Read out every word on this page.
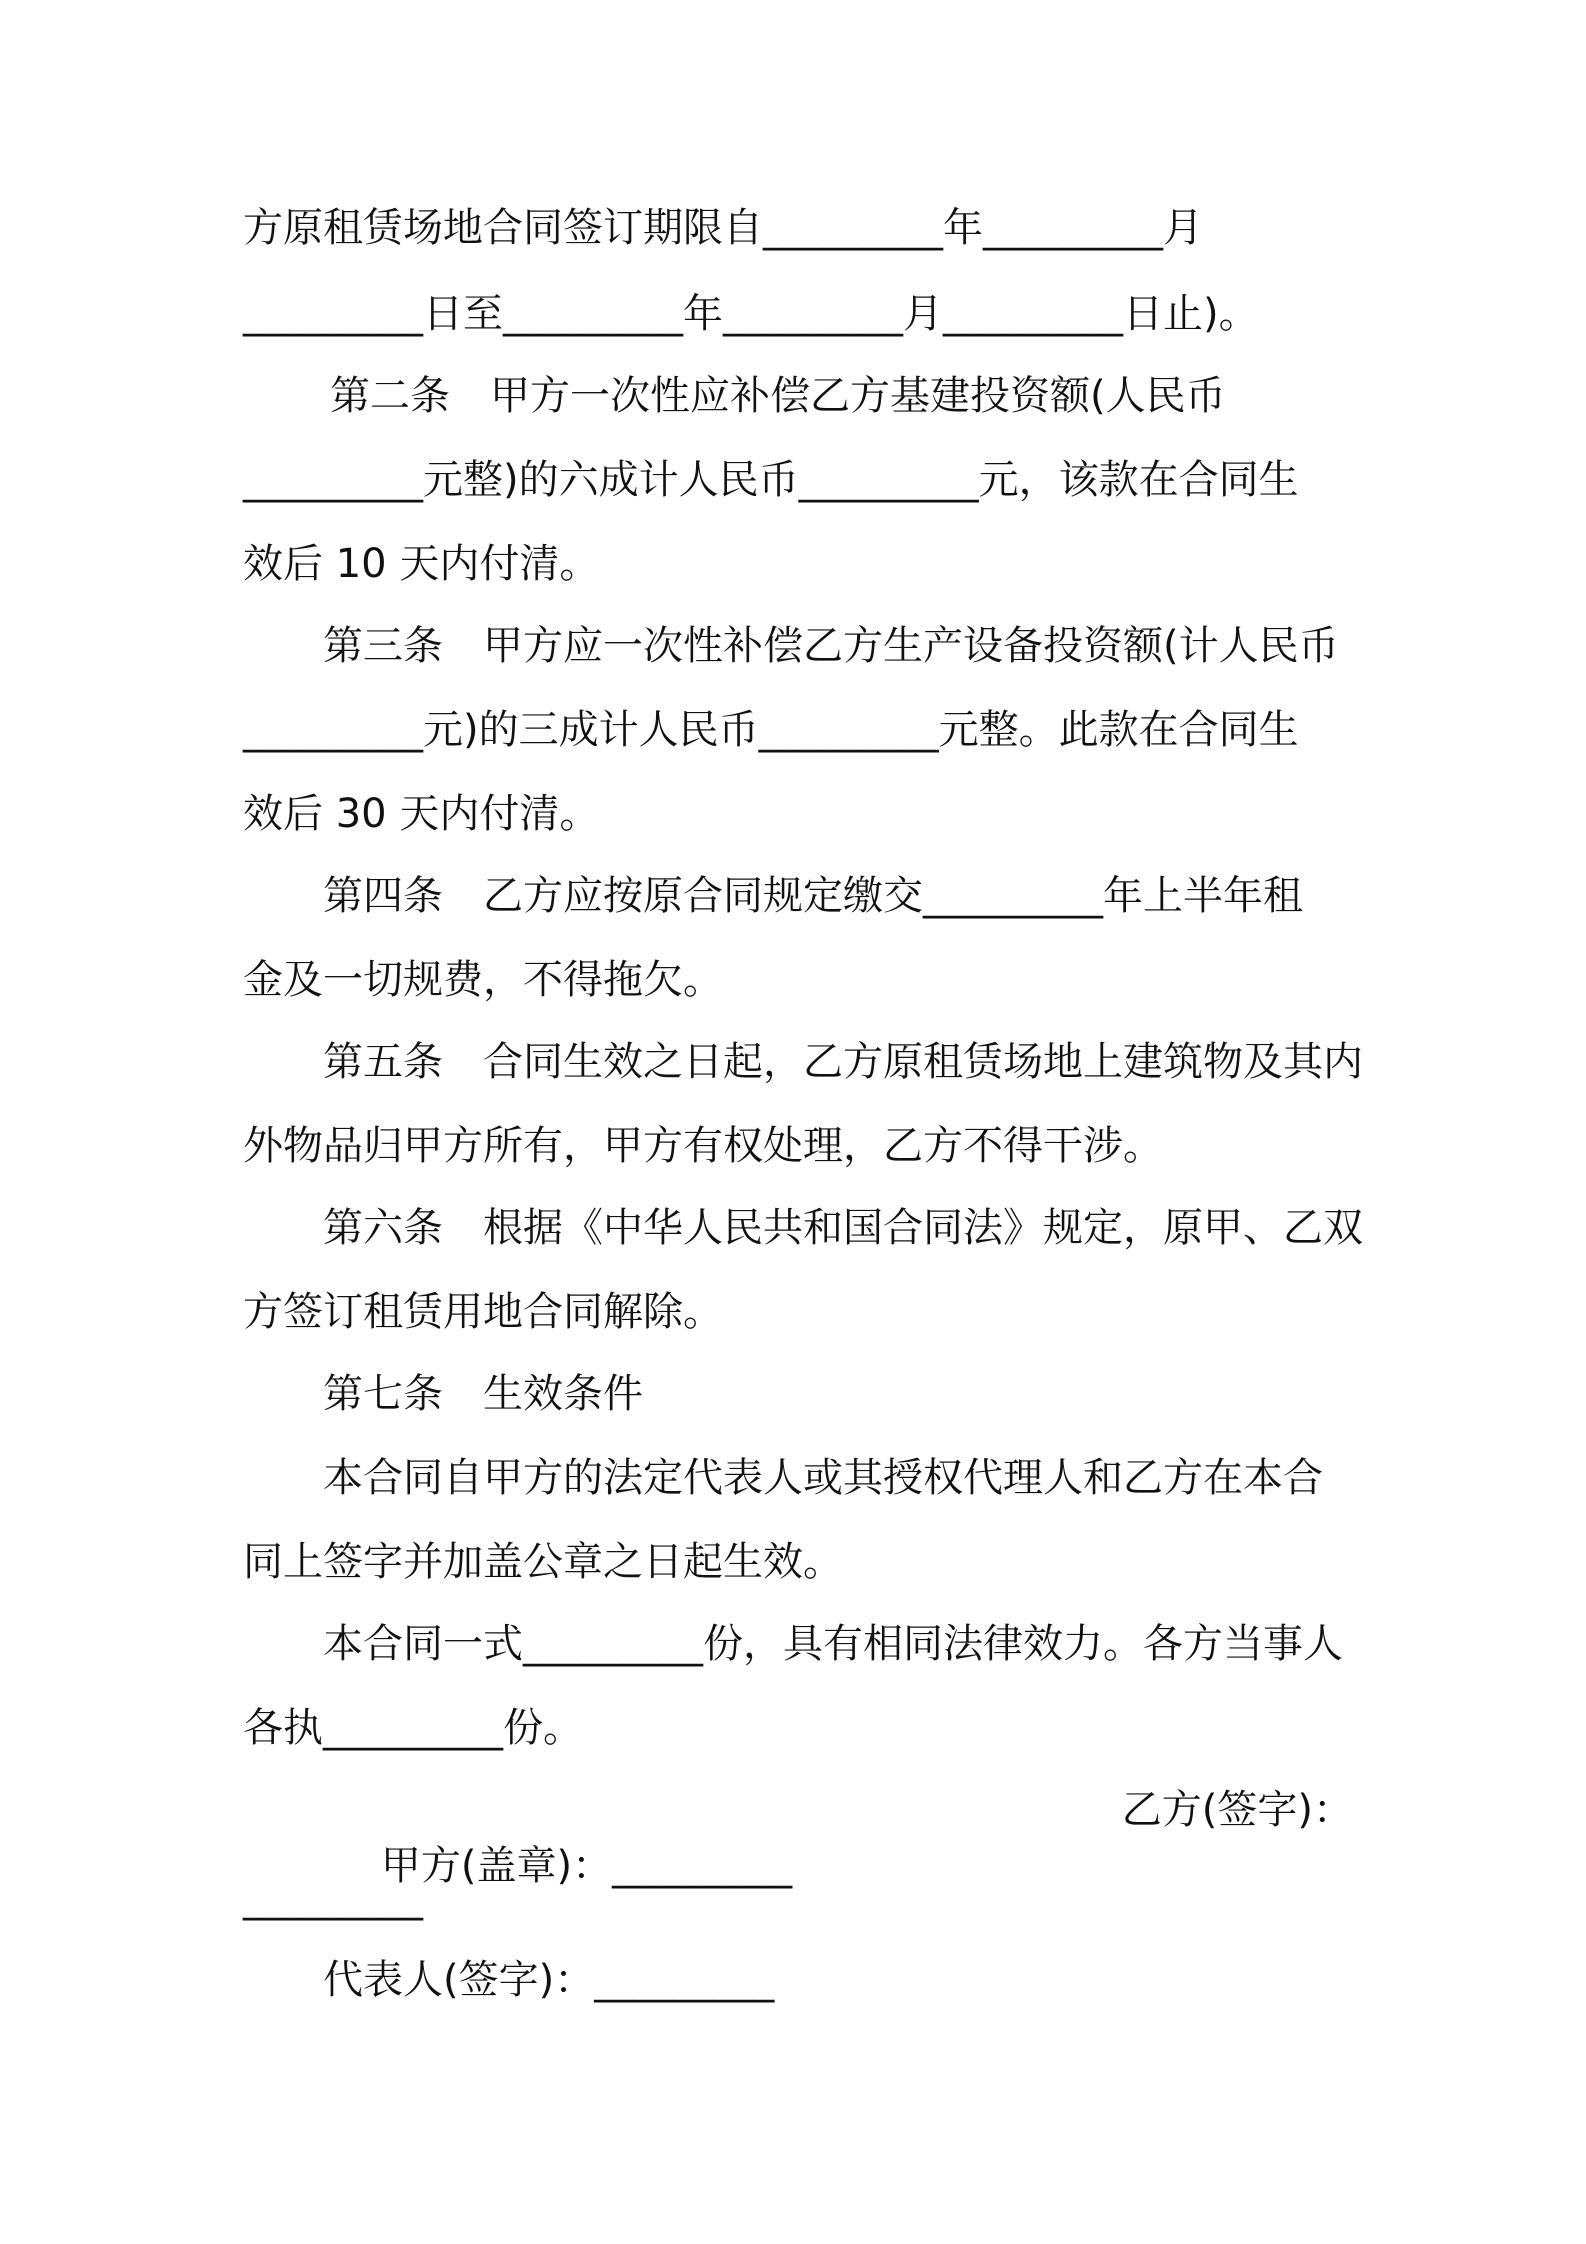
方原租赁场地合同签订期限自_________年_________月
_________日至_________年_________月_________日止)。
第二条　甲方一次性应补偿乙方基建投资额(人民币
_________元整)的六成计人民币_________元，该款在合同生
效后 10 天内付清。
第三条　甲方应一次性补偿乙方生产设备投资额(计人民币
_________元)的三成计人民币_________元整。此款在合同生
效后 30 天内付清。
第四条　乙方应按原合同规定缴交_________年上半年租
金及一切规费，不得拖欠。
第五条　合同生效之日起，乙方原租赁场地上建筑物及其内
外物品归甲方所有，甲方有权处理，乙方不得干涉。
第六条　根据《中华人民共和国合同法》规定，原甲、乙双
方签订租赁用地合同解除。
第七条　生效条件
本合同自甲方的法定代表人或其授权代理人和乙方在本合
同上签字并加盖公章之日起生效。
本合同一式_________份，具有相同法律效力。各方当事人
各执_________份。

甲方(盖章)：_________

乙方(签字)：

_________
代表人(签字)：_________
